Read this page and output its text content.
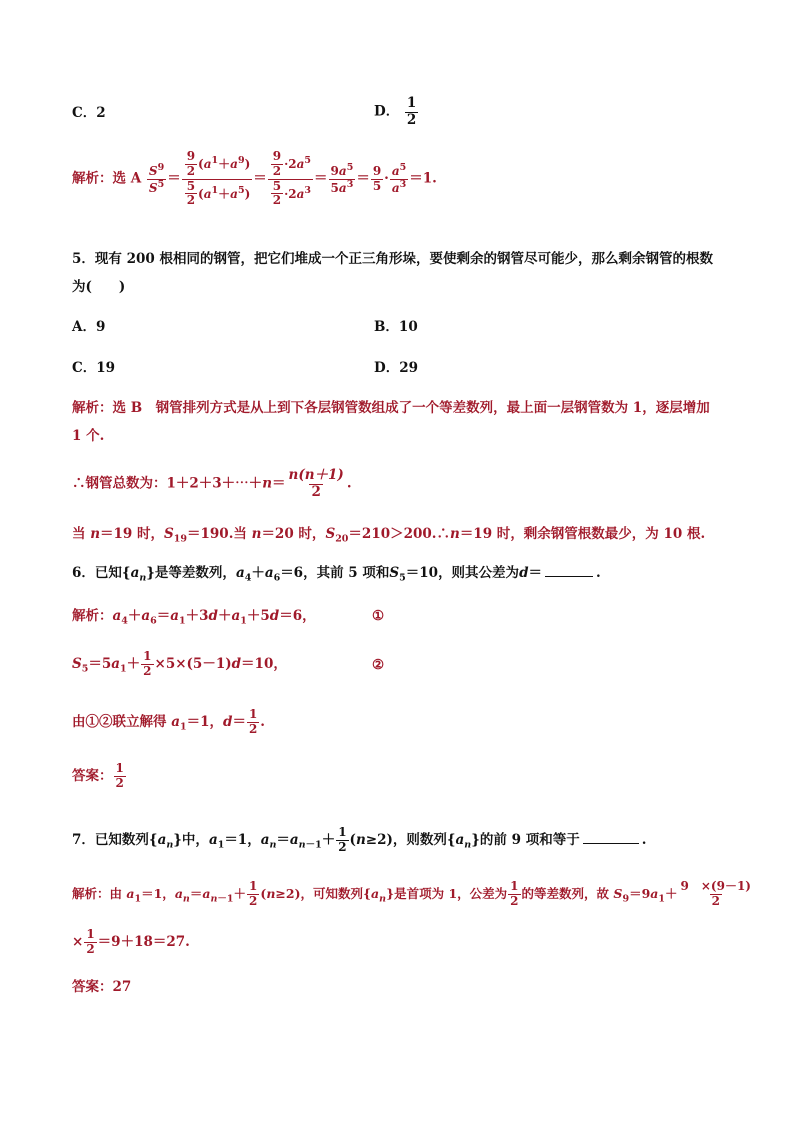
C．2	D． $\frac{1}{2}$
解析：选 A $\frac{S^9}{S^5} = \frac{\frac{9}{2} (a^1+a^9)}{\frac{5}{2} (a^1+a^5)} = \frac{\frac{9}{2} \cdot 2a^5}{\frac{5}{2} \cdot 2a^3} = \frac{9a^5}{5a^3} = \frac{9}{5} \cdot \frac{a^5}{a^3} =1$.
5．现有 200 根相同的钢管，把它们堆成一个正三角形垛，要使剩余的钢管尽可能少，那么剩余钢管的根数
为(　　)
A．9	B．10
C．19	D．29
解析：选 B　钢管排列方式是从上到下各层钢管数组成了一个等差数列，最上面一层钢管数为 1，逐层增加
1 个.
∴钢管总数为：1＋2＋3＋⋯＋n＝ $\frac{n(n+1)}{2}$ .
当 n＝19 时，$S_{19}=190$.当 n＝20 时，$S_{20}=210>200.\therefore n=19$ 时，剩余钢管根数最少，为 10 根.
6．已知$\{a_n\}$是等差数列，$a_4+a_6=6$，其前 5 项和$S_5=10$，则其公差为d＝	.
解析：$a_4+a_6=a_1+3d+a_1+5d=6$，	①
$S_5=5a_1+ \frac{1}{2} \times 5\times(5-1)d=10$，	②
由①②联立解得 $a_1=1$，$d= \frac{1}{2}$ .
答案： $\frac{1}{2}$
7．已知数列$\{a_n\}$中，$a_1=1$，$a_n=a_{n-1}+ \frac{1}{2} (n\ge 2)$，则数列$\{a_n\}$的前 9 项和等于	.
解析：由 $a_1=1$，$a_n=a_{n-1}+ \frac{1}{2} (n\ge 2)$，可知数列$\{a_n\}$是首项为 1，公差为 $\frac{1}{2}$ 的等差数列，故 $S_9=9a_1+ \frac{9 \times(9-1)}{2}$
× $\frac{1}{2} =9+18=27$.
答案：27
